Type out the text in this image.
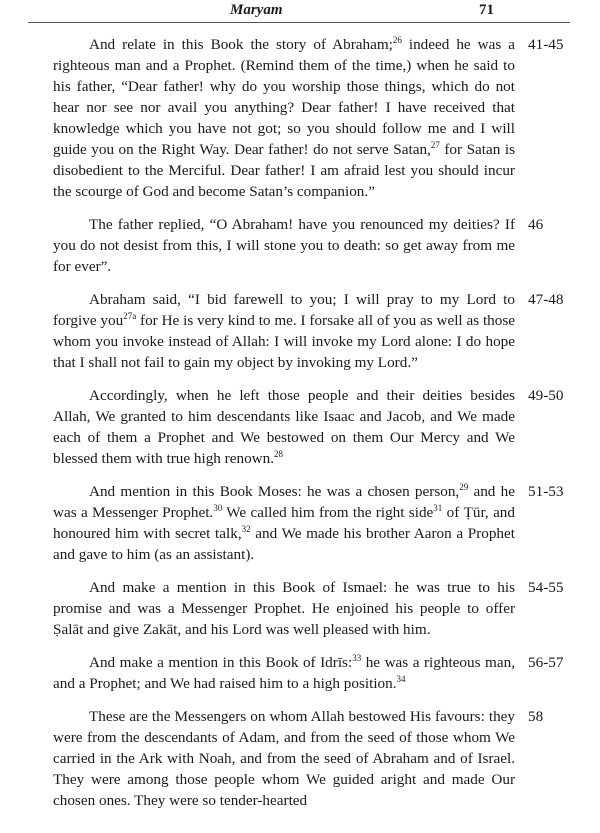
Maryam	71
And relate in this Book the story of Abraham;$^{26}$ indeed he was a righteous man and a Prophet. (Remind them of the time,) when he said to his father, “Dear father! why do you worship those things, which do not hear nor see nor avail you anything? Dear father! I have received that knowledge which you have not got; so you should follow me and I will guide you on the Right Way. Dear father! do not serve Satan,$^{27}$ for Satan is disobedient to the Merciful. Dear father! I am afraid lest you should incur the scourge of God and become Satan’s companion.”
41-45
The father replied, “O Abraham! have you renounced my deities? If you do not desist from this, I will stone you to death: so get away from me for ever”.
46
Abraham said, “I bid farewell to you; I will pray to my Lord to forgive you$^{27a}$ for He is very kind to me. I forsake all of you as well as those whom you invoke instead of Allah: I will invoke my Lord alone: I do hope that I shall not fail to gain my object by invoking my Lord.”
47-48
Accordingly, when he left those people and their deities besides Allah, We granted to him descendants like Isaac and Jacob, and We made each of them a Prophet and We bestowed on them Our Mercy and We blessed them with true high renown.$^{28}$
49-50
And mention in this Book Moses: he was a chosen person,$^{29}$ and he was a Messenger Prophet.$^{30}$ We called him from the right side$^{31}$ of Ṭūr, and honoured him with secret talk,$^{32}$ and We made his brother Aaron a Prophet and gave to him (as an assistant).
51-53
And make a mention in this Book of Ismael: he was true to his promise and was a Messenger Prophet. He enjoined his people to offer Ṣalāt and give Zakāt, and his Lord was well pleased with him.
54-55
And make a mention in this Book of Idrīs:$^{33}$ he was a righteous man, and a Prophet; and We had raised him to a high position.$^{34}$
56-57
These are the Messengers on whom Allah bestowed His favours: they were from the descendants of Adam, and from the seed of those whom We carried in the Ark with Noah, and from the seed of Abraham and of Israel. They were among those people whom We guided aright and made Our chosen ones. They were so tender-hearted
58
